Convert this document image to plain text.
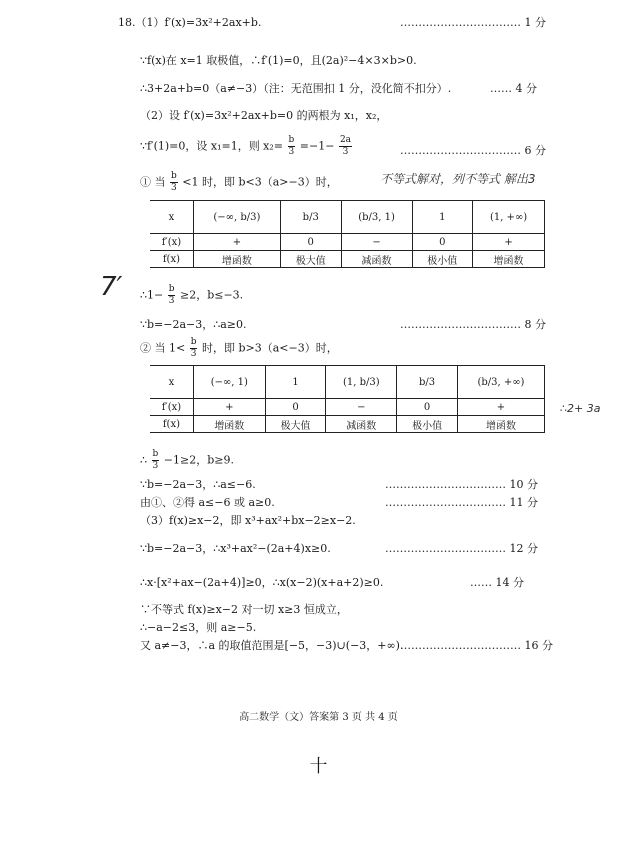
18.（1）f′(x)=3x²+2ax+b.	…………………………… 1 分
∵f(x)在 x=1 取极值，∴f′(1)=0，且(2a)²−4×3×b>0.
∴3+2a+b=0（a≠−3）（注：无范围扣 1 分，没化简不扣分）.	…… 4 分
（2）设 f′(x)=3x²+2ax+b=0 的两根为 x₁，x₂，
∵f′(1)=0，设 x₁=1，则 $x_2= \frac{b}{3} =-1- \frac{2a}{3}$	…………………………… 6 分
① 当 $\frac{b}{3} <1$ 时，即 b<3（a>−3）时，	不等式解对，列不等式 解出3
x	(−∞, b/3)	b/3	(b/3, 1)	1	(1, +∞)
f′(x)	+	0	−	0	+
f(x)	增函数	极大值	减函数	极小值	增函数
7′ ∴1− $\frac{b}{3} \ge 2$，b≤−3.
∵b=−2a−3，∴a≥0.	…………………………… 8 分
② 当 $1< \frac{b}{3}$ 时，即 b>3（a<−3）时，
x	(−∞, 1)	1	(1, b/3)	b/3	(b/3, +∞)
f′(x)	+	0	−	0	+
f(x)	增函数	极大值	减函数	极小值	增函数
∴2+ 3a
∴ $\frac{b}{3} -1\ge 2$，b≥9.
∵b=−2a−3，∴a≤−6.	…………………………… 10 分
由①、②得 a≤−6 或 a≥0.	…………………………… 11 分
（3）f(x)≥x−2，即 x³+ax²+bx−2≥x−2.
∵b=−2a−3，∴x³+ax²−(2a+4)x≥0.	…………………………… 12 分
∴x·[x²+ax−(2a+4)]≥0，∴x(x−2)(x+a+2)≥0.	…… 14 分
∵不等式 f(x)≥x−2 对一切 x≥3 恒成立，
∴−a−2≤3，则 a≥−5.
又 a≠−3，∴a 的取值范围是[−5，−3)∪(−3，+∞).
…………………………… 16 分
高二数学（文）答案第 3 页 共 4 页
十
